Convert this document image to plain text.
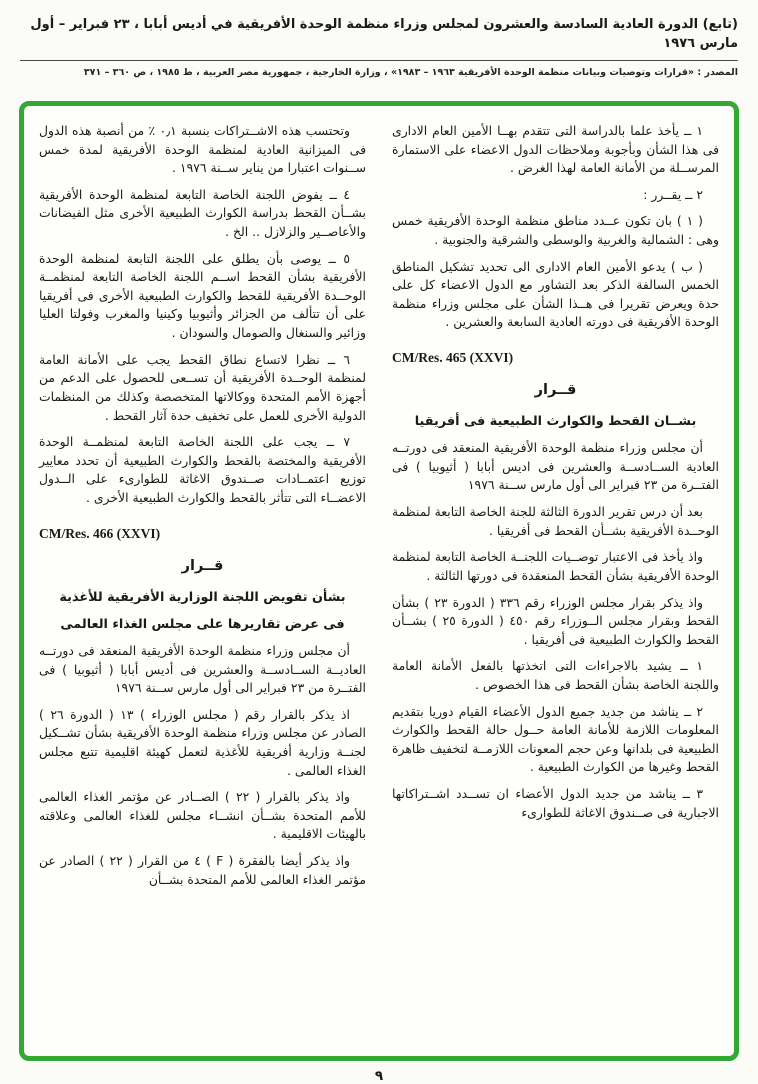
(تابع) الدورة العادية السادسة والعشرون لمجلس وزراء منظمة الوحدة الأفريقية في أديس أبابا ، ٢٣ فبراير – أول مارس ١٩٧٦
المصدر : «قرارات وتوصيات وبيانات منظمة الوحدة الأفريقية ١٩٦٣ – ١٩٨٣» ، وزارة الخارجية ، جمهورية مصر العربية ، ط ١٩٨٥ ، ص ٣٦٠ – ٣٧١

١ ــ يأخذ علما بالدراسة التى تتقدم بهــا الأمين العام الادارى فى هذا الشأن وبأجوبة وملاحظات الدول الاعضاء على الاستمارة المرســلة من الأمانة العامة لهذا الغرض .

٢ ــ يقــرر :

( ١ ) بان تكون عــدد مناطق منظمة الوحدة الأفريقية خمس وهى : الشمالية والغربية والوسطى والشرقية والجنوبية .

( ب ) يدعو الأمين العام الادارى الى تحديد تشكيل المناطق الخمس السالفة الذكر بعد التشاور مع الدول الاعضاء كل على حدة ويعرض تقريرا فى هــذا الشأن على مجلس وزراء منظمة الوحدة الأفريقية فى دورته العادية السابعة والعشرين .

CM/Res. 465 (XXVI)

قــرار

بشــان القحط والكوارث الطبيعية فى أفريقيا

أن مجلس وزراء منظمة الوحدة الأفريقية المنعقد فى دورتــه العادية الســادســة والعشرين فى اديس أبابا ( أثيوبيا ) فى الفتــرة من ٢٣ فبراير الى أول مارس ســنة ١٩٧٦

بعد أن درس تقرير الدورة الثالثة للجنة الخاصة التابعة لمنظمة الوحــدة الأفريقية بشــأن القحط فى أفريقيا .

واذ يأخذ فى الاعتبار توصــيات اللجنــة الخاصة التابعة لمنظمة الوحدة الأفريقية بشأن القحط المنعقدة فى دورتها الثالثة .

واذ يذكر بقرار مجلس الوزراء رقم ٣٣٦ ( الدورة ٢٣ ) بشأن القحط وبقرار مجلس الــوزراء رقم ٤٥٠ ( الدورة ٢٥ ) بشــأن القحط والكوارث الطبيعية فى أفريقيا .

١ ــ يشيد بالاجراءات التى اتخذتها بالفعل الأمانة العامة واللجنة الخاصة بشأن القحط فى هذا الخصوص .

٢ ــ يناشد من جديد جميع الدول الأعضاء القيام دوريا بتقديم المعلومات اللازمة للأمانة العامة حــول حالة القحط والكوارث الطبيعية فى بلدانها وعن حجم المعونات اللازمــة لتخفيف ظاهرة القحط وغيرها من الكوارث الطبيعية .

٣ ــ يناشد من جديد الدول الأعضاء ان تســدد اشــتراكاتها الاجبارية فى صــندوق الاغاثة للطوارىء

وتحتسب هذه الاشــتراكات بنسبة ٠٫١ ٪ من أنصبة هذه الدول فى الميزانية العادية لمنظمة الوحدة الأفريقية لمدة خمس ســنوات اعتبارا من يناير ســنة ١٩٧٦ .

٤ ــ يفوض اللجنة الخاصة التابعة لمنظمة الوحدة الأفريقية بشــأن القحط بدراسة الكوارث الطبيعية الأخرى مثل الفيضانات والأعاصــير والزلازل .. الخ .

٥ ــ يوصى بأن يطلق على اللجنة التابعة لمنظمة الوحدة الأفريقية بشأن القحط اســم اللجنة الخاصة التابعة لمنظمــة الوحــدة الأفريقية للقحط والكوارث الطبيعية الأخرى فى أفريقيا على أن تتألف من الجزائر وأثيوبيا وكينيا والمغرب وفولتا العليا وزائير والسنغال والصومال والسودان .

٦ ــ نظرا لاتساع نطاق القحط يجب على الأمانة العامة لمنظمة الوحــدة الأفريقية أن تســعى للحصول على الدعم من أجهزة الأمم المتحدة ووكالاتها المتخصصة وكذلك من المنظمات الدولية الأخرى للعمل على تخفيف حدة آثار القحط .

٧ ــ يجب على اللجنة الخاصة التابعة لمنظمــة الوحدة الأفريقية والمختصة بالقحط والكوارث الطبيعية أن تحدد معايير توزيع اعتمــادات صــندوق الاغاثة للطوارىء على الــدول الاعضــاء التى تتأثر بالقحط والكوارث الطبيعية الأخرى .

CM/Res. 466 (XXVI)

قــرار

بشأن تفويض اللجنة الوزارية الأفريقية للأغذية

فى عرض تقاريرها على مجلس الغذاء العالمى

أن مجلس وزراء منظمة الوحدة الأفريقية المنعقد فى دورتــه العاديــة الســادســة والعشرين فى أديس أبابا ( أثيوبيا ) فى الفتــرة من ٢٣ فبراير الى أول مارس ســنة ١٩٧٦

اذ يذكر بالقرار رقم ( مجلس الوزراء ) ١٣ ( الدورة ٢٦ ) الصادر عن مجلس وزراء منظمة الوحدة الأفريقية بشأن تشــكيل لجنــة وزارية أفريقية للأغذية لتعمل كهيئة اقليمية تتبع مجلس الغذاء العالمى .

واذ يذكر بالقرار ( ٢٢ ) الصــادر عن مؤتمر الغذاء العالمى للأمم المتحدة بشــأن انشــاء مجلس للغذاء العالمى وعلاقته بالهيئات الاقليمية .

واذ يذكر أيضا بالفقرة ( F ) ٤ من القرار ( ٢٢ ) الصادر عن مؤتمر الغذاء العالمى للأمم المتحدة بشــأن

٩
